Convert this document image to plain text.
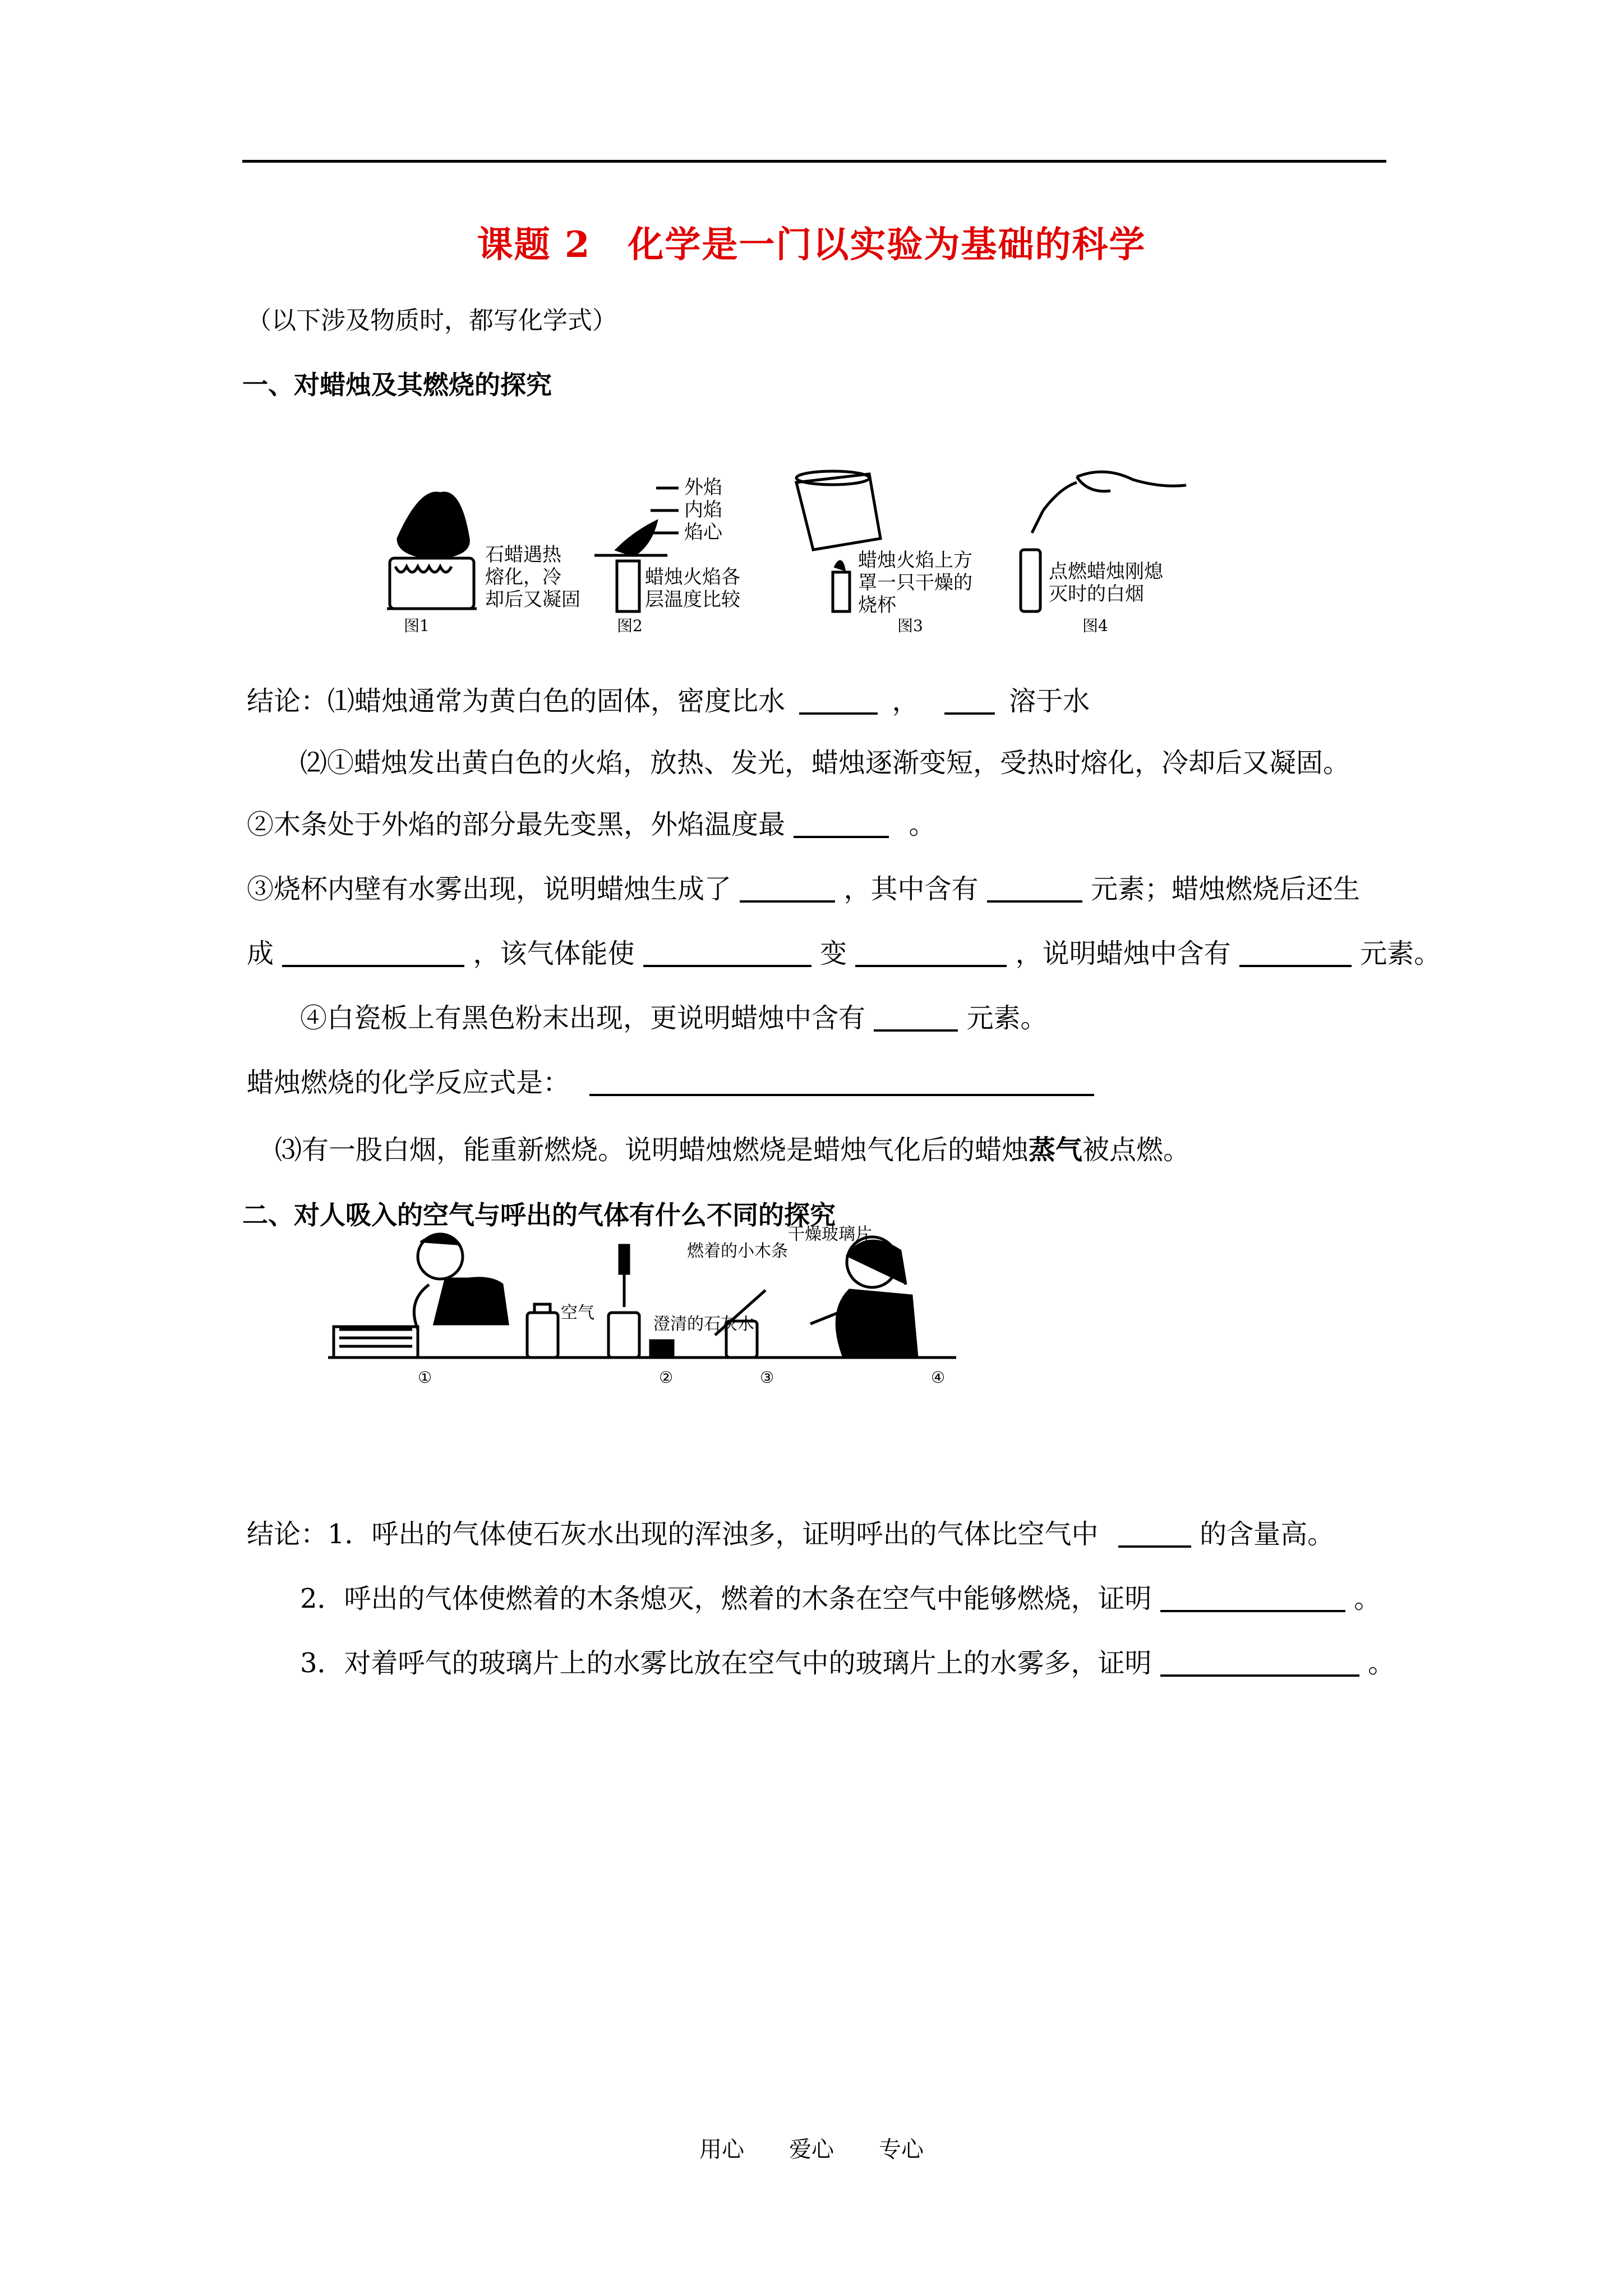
课题 2　化学是一门以实验为基础的科学
（以下涉及物质时，都写化学式）
一、对蜡烛及其燃烧的探究
外焰
内焰
焰心
石蜡遇热
熔化，冷
却后又凝固
蜡烛火焰各
层温度比较
蜡烛火焰上方
罩一只干燥的
烧杯
点燃蜡烛刚熄
灭时的白烟
图1	图2	图3	图4
结论：⑴蜡烛通常为黄白色的固体，密度比水	，	溶于水
⑵①蜡烛发出黄白色的火焰，放热、发光，蜡烛逐渐变短，受热时熔化，冷却后又凝固。
②木条处于外焰的部分最先变黑，外焰温度最	。
③烧杯内壁有水雾出现，说明蜡烛生成了	，其中含有	元素；蜡烛燃烧后还生
成	，该气体能使	变	，说明蜡烛中含有	元素。
④白瓷板上有黑色粉末出现，更说明蜡烛中含有	元素。
蜡烛燃烧的化学反应式是：
⑶有一股白烟，能重新燃烧。说明蜡烛燃烧是蜡烛气化后的蜡烛蒸气被点燃。
二、对人吸入的空气与呼出的气体有什么不同的探究
空气
澄清的石灰水
燃着的小木条
干燥玻璃片
①	②	③	④
结论：1．呼出的气体使石灰水出现的浑浊多，证明呼出的气体比空气中	的含量高。
2．呼出的气体使燃着的木条熄灭，燃着的木条在空气中能够燃烧，证明	。
3．对着呼气的玻璃片上的水雾比放在空气中的玻璃片上的水雾多，证明	。
用心　　爱心　　专心
